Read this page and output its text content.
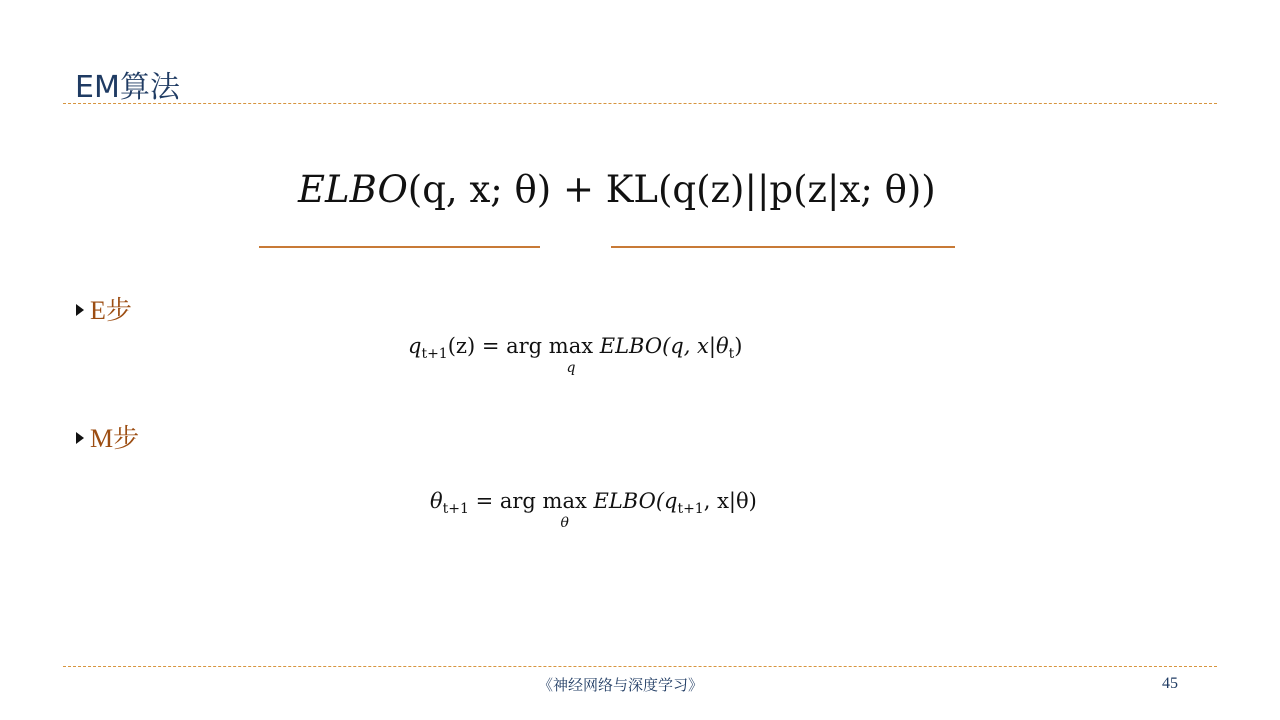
EM算法
ELBO(q, x; θ) + KL(q(z)||p(z|x; θ))
E步
$q_{t+1}(z)$ = arg max
q
ELBO(q, $x|\theta_t$)
M步
$\theta_{t+1}$ = arg max
θ
$ELBO(q_{t+1}$, x|θ)
《神经网络与深度学习》	45
